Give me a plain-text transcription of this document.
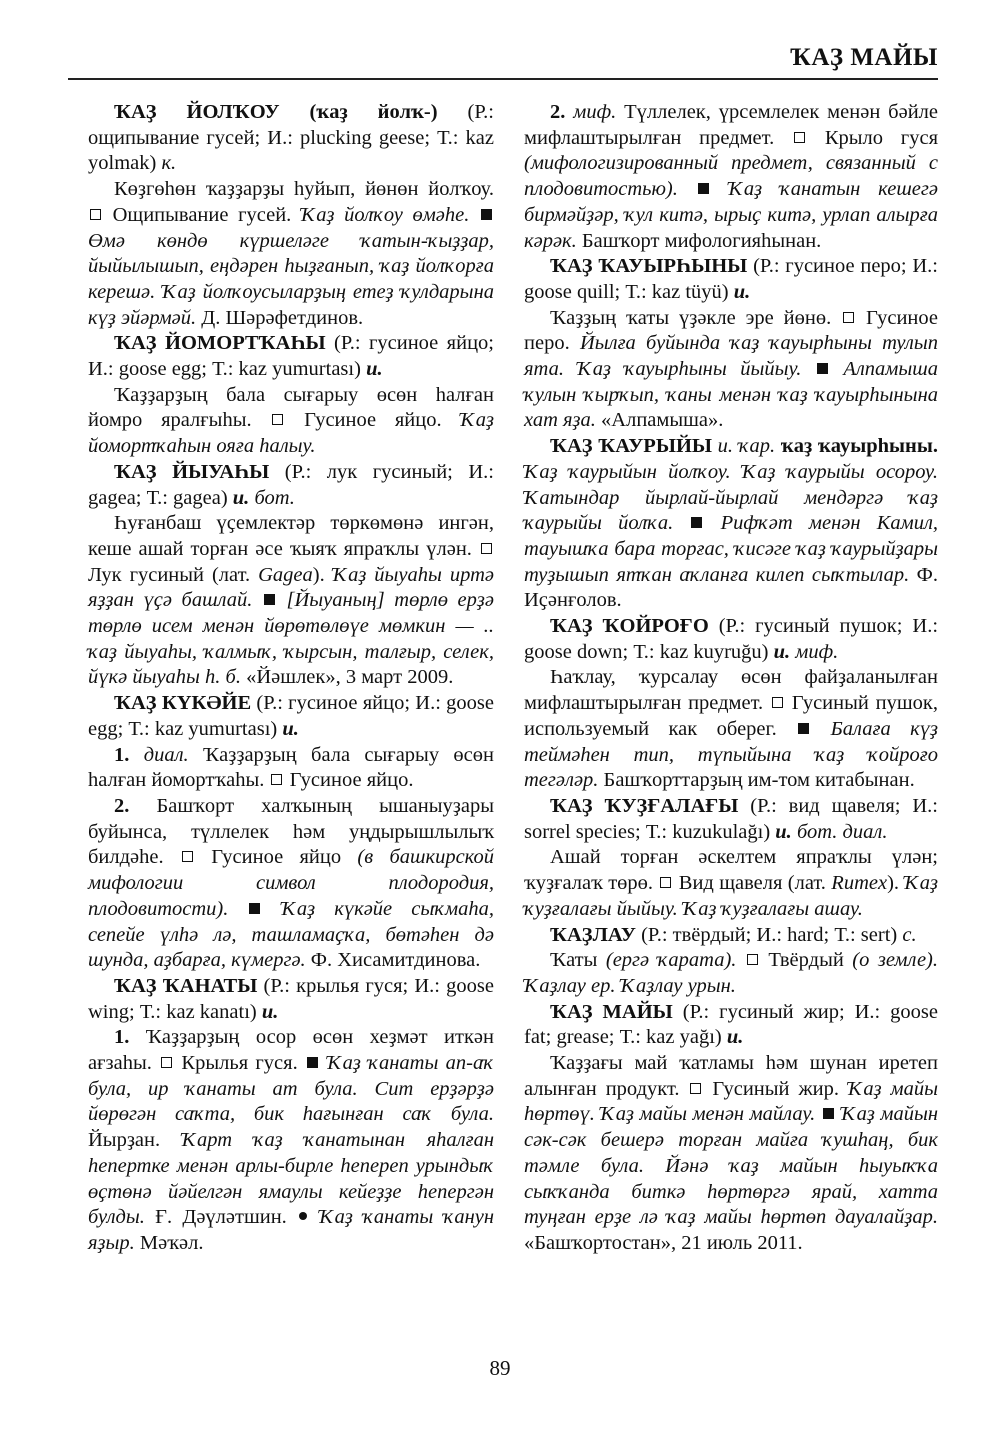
ҠАҘ МАЙЫ

ҠАҘ ЙОЛҠОУ (ҡаҙ йолҡ-) (Р.: ощипывание гусей; И.: plucking geese; Т.: kaz yolmak) к.

Көҙгөһөн ҡаҙҙарҙы һуйып, йөнөн йолҡоу.  Ощипывание гусей. Ҡаҙ йолҡоу өмәһе.  Өмә көндө күршеләге ҡатын-ҡыҙҙар, йыйылышып, еңдәрен һыҙғанып, ҡаҙ йолҡорға керешә. Ҡаҙ йолҡоусыларҙың етеҙ ҡулдарына күҙ эйәрмәй. Д. Шәрәфетдинов.

ҠАҘ ЙОМОРТҠАҺЫ (Р.: гусиное яйцо; И.: goose egg; Т.: kaz yumurtası) и.

Ҡаҙҙарҙың бала сығарыу өсөн һалған йомро яралғыһы.  Гусиное яйцо. Ҡаҙ йомортҡаһын ояға һалыу.

ҠАҘ ЙЫУАҺЫ (Р.: лук гусиный; И.: gagea; Т.: gagea) и. бот.

Һуғанбаш үҫемлектәр төркөмөнә ингән, кеше ашай торған әсе ҡыяҡ япраҡлы үлән.  Лук гусиный (лат. Gagea). Ҡаҙ йыуаһы иртә яҙҙан үҫә башлай.  [Йыуаның] төрлө ерҙә төрлө исем менән йөрөтөлөүе мөмкин — .. ҡаҙ йыуаһы, ҡалмыҡ, ҡырсын, талғыр, селек, йүкә йыуаһы һ. б. «Йәшлек», 3 март 2009.

ҠАҘ КҮКӘЙЕ (Р.: гусиное яйцо; И.: goose egg; Т.: kaz yumurtası) и.

1. диал. Ҡаҙҙарҙың бала сығарыу өсөн һалған йомортҡаһы.  Гусиное яйцо.

2. Башҡорт халҡының ышаныуҙары буйынса, түллелек һәм уңдырышлылыҡ билдәһе.  Гусиное яйцо (в башкирской мифологии символ плодородия, плодовитости).  Ҡаҙ күкәйе сыҡмаһа, сепейе үлһә лә, ташламаҫҡа, бөтәһен дә шунда, аҙбарға, күмергә. Ф. Хисамитдинова.

ҠАҘ ҠАНАТЫ (Р.: крылья гуся; И.: goose wing; Т.: kaz kanatı) и.

1. Ҡаҙҙарҙың осор өсөн хеҙмәт иткән ағзаһы.  Крылья гуся.  Ҡаҙ ҡанаты ап-аҡ була, ир ҡанаты ат була. Сит ерҙәрҙә йөрөгән саҡта, бик һағынған саҡ була. Йырҙан. Ҡарт ҡаҙ ҡанатынан яһалған һепертке менән арлы-бирле һепереп урындыҡ өҫтөнә йәйелгән ямаулы кейеҙҙе һепергән булды. Ғ. Дәүләтшин.  Ҡаҙ ҡанаты ҡанун яҙыр. Мәҡәл.

2. миф. Түллелек, үрсемлелек менән бәйле мифлаштырылған предмет.  Крыло гуся (мифологизированный предмет, связанный с плодовитостью).  Ҡаҙ ҡанатын кешегә бирмәйҙәр, ҡул китә, ырыҫ китә, урлап алырға кәрәк. Башҡорт мифологияһынан.

ҠАҘ ҠАУЫРҺЫНЫ (Р.: гусиное перо; И.: goose quill; Т.: kaz tüyü) и.

Ҡаҙҙың ҡаты үҙәкле эре йөнө.  Гусиное перо. Йылға буйында ҡаҙ ҡауырһыны тулып ята. Ҡаҙ ҡауырһыны йыйыу.  Алпамыша ҡулын ҡырҡып, ҡаны менән ҡаҙ ҡауырһынына хат яҙа. «Алпамыша».

ҠАҘ ҠАУРЫЙЫ и. ҡар. ҡаҙ ҡауырһыны. Ҡаҙ ҡаурыйын йолҡоу. Ҡаҙ ҡаурыйы осороу. Ҡатындар йырлай-йырлай мендәргә ҡаҙ ҡаурыйы йолҡа.  Рифҡәт менән Камил, тауышҡа бара торғас, ҡисәге ҡаҙ ҡаурыйҙары туҙышып ятҡан аҡланға килеп сыҡтылар. Ф. Иҫәнғолов.

ҠАҘ ҠОЙРОҒО (Р.: гусиный пушок; И.: goose down; Т.: kaz kuyruğu) и. миф.

Һаҡлау, ҡурсалау өсөн файҙаланылған мифлаштырылған предмет.  Гусиный пушок, используемый как оберег.  Балаға күҙ теймәһен тип, түпыйына ҡаҙ ҡойроғо тегәләр. Башҡорттарҙың им-том китабынан.

ҠАҘ ҠУҘҒАЛАҒЫ (Р.: вид щавеля; И.: sorrel species; Т.: kuzukulağı) и. бот. диал.

Ашай торған әскелтем япраҡлы үлән; ҡуҙғалаҡ төрө.  Вид щавеля (лат. Rumex). Ҡаҙ ҡуҙғалағы йыйыу. Ҡаҙ ҡуҙғалағы ашау.

ҠАҘЛАУ (Р.: твёрдый; И.: hard; Т.: sert) с.

Ҡаты (ергә ҡарата).  Твёрдый (о земле). Ҡаҙлау ер. Ҡаҙлау урын.

ҠАҘ МАЙЫ (Р.: гусиный жир; И.: goose fat; grease; Т.: kaz yağı) и.

Ҡаҙҙағы май ҡатламы һәм шунан иретеп алынған продукт.  Гусиный жир. Ҡаҙ майы һөртөү. Ҡаҙ майы менән майлау.  Ҡаҙ майын сәк-сәк бешерә торған майға ҡушһаң, бик тәмле була. Йәнә ҡаҙ майын һыуыҡҡа сыҡҡанда биткә һөртөргә ярай, хатта туңған ерҙе лә ҡаҙ майы һөртөп дауалайҙар. «Башҡортостан», 21 июль 2011.

89
